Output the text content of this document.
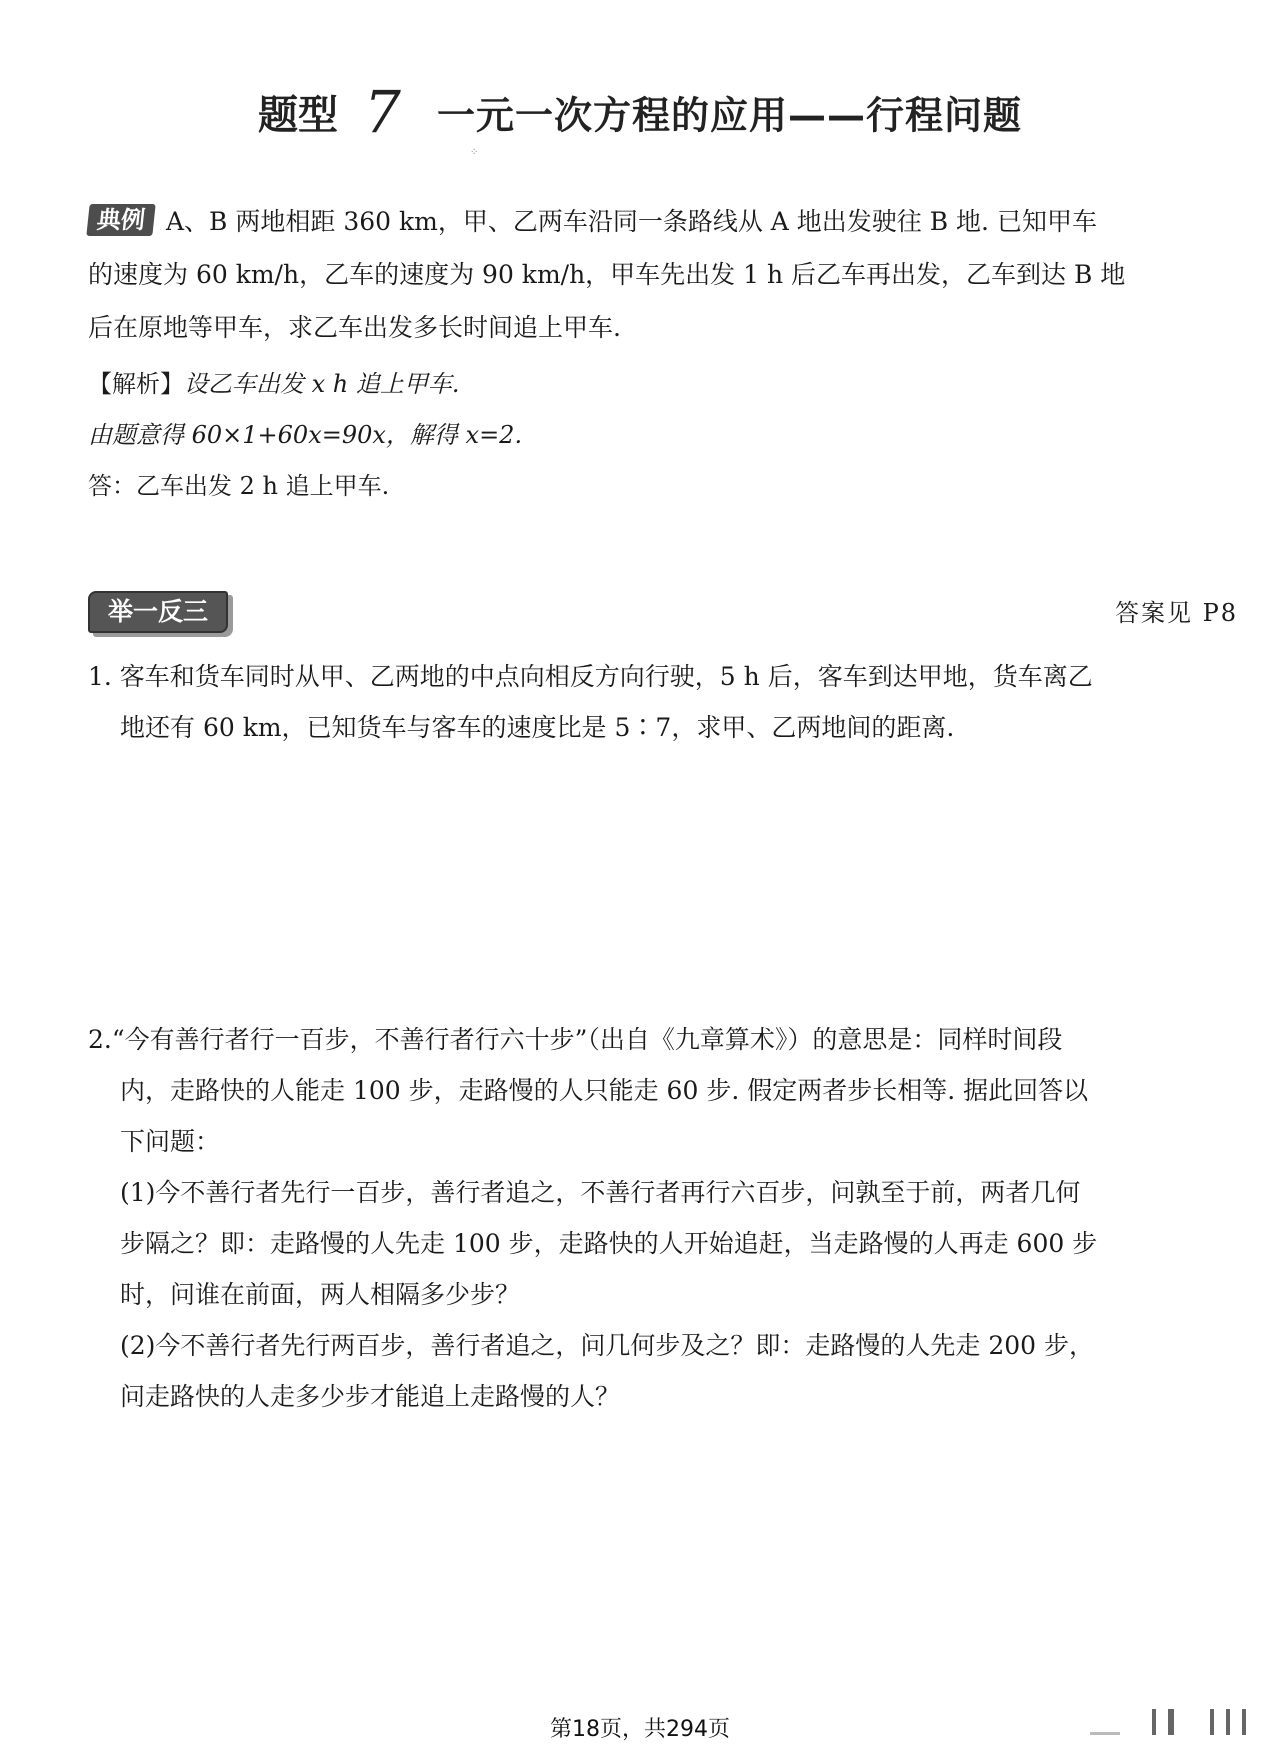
题型 7 一元一次方程的应用——行程问题
⁘

典例 A、B 两地相距 360 km，甲、乙两车沿同一条路线从 A 地出发驶往 B 地. 已知甲车

的速度为 60 km/h，乙车的速度为 90 km/h，甲车先出发 1 h 后乙车再出发，乙车到达 B 地

后在原地等甲车，求乙车出发多长时间追上甲车.

【解析】设乙车出发 x h 追上甲车.

由题意得 60×1+60x=90x，解得 x=2.

答：乙车出发 2 h 追上甲车.

举一反三	答案见 P8

1. 客车和货车同时从甲、乙两地的中点向相反方向行驶，5 h 后，客车到达甲地，货车离乙

地还有 60 km，已知货车与客车的速度比是 5∶7，求甲、乙两地间的距离.

2.“今有善行者行一百步，不善行者行六十步”（出自《九章算术》）的意思是：同样时间段

内，走路快的人能走 100 步，走路慢的人只能走 60 步. 假定两者步长相等. 据此回答以

下问题：

(1)今不善行者先行一百步，善行者追之，不善行者再行六百步，问孰至于前，两者几何

步隔之？即：走路慢的人先走 100 步，走路快的人开始追赶，当走路慢的人再走 600 步

时，问谁在前面，两人相隔多少步？

(2)今不善行者先行两百步，善行者追之，问几何步及之？即：走路慢的人先走 200 步，

问走路快的人走多少步才能追上走路慢的人？

第18页，共294页
